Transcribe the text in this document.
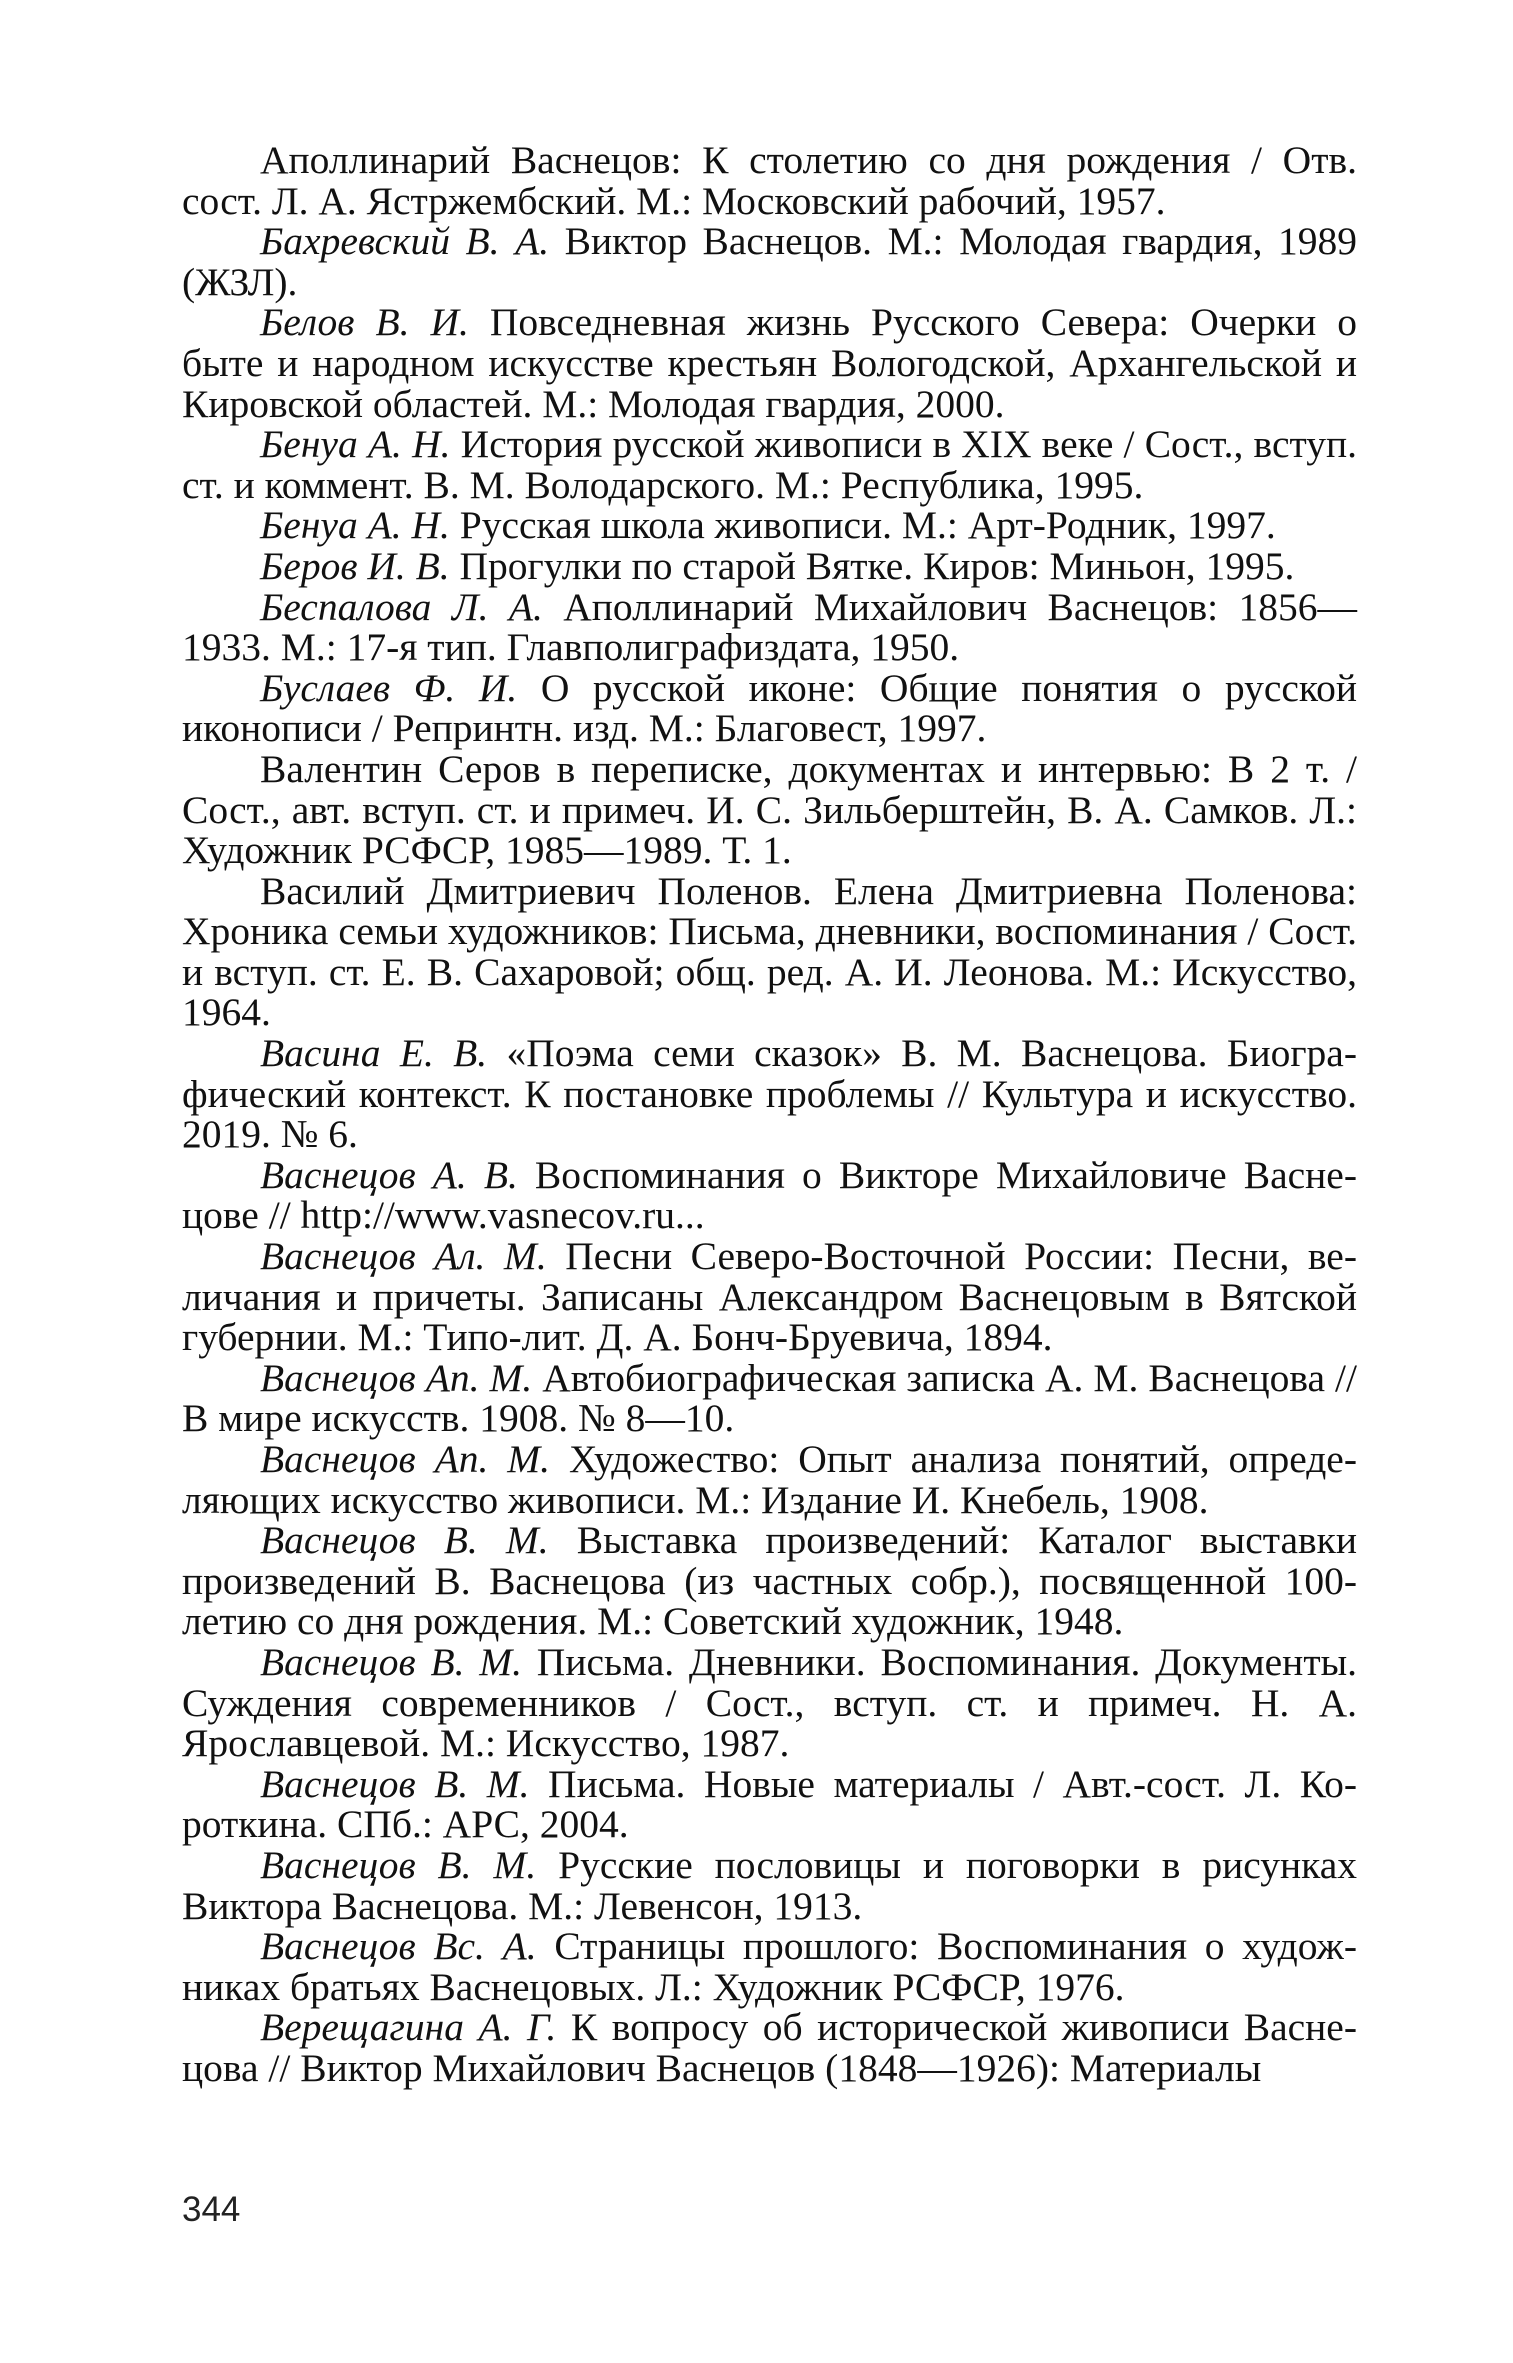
Аполлинарий Васнецов: К столетию со дня рождения / Отв. сост. Л. А. Ястржембский. М.: Московский рабочий, 1957.

Бахревский В. А. Виктор Васнецов. М.: Молодая гвардия, 1989 (ЖЗЛ).

Белов В. И. Повседневная жизнь Русского Севера: Очерки о быте и народном искусстве крестьян Вологодской, Архангельской и Кировской областей. М.: Молодая гвардия, 2000.

Бенуа А. Н. История русской живописи в XIX веке / Сост., вступ. ст. и коммент. В. М. Володарского. М.: Республика, 1995.

Бенуа А. Н. Русская школа живописи. М.: Арт-Родник, 1997.

Беров И. В. Прогулки по старой Вятке. Киров: Миньон, 1995.

Беспалова Л. А. Аполлинарий Михайлович Васнецов: 1856—1933. М.: 17-я тип. Главполиграфиздата, 1950.

Буслаев Ф. И. О русской иконе: Общие понятия о русской иконописи / Репринтн. изд. М.: Благовест, 1997.

Валентин Серов в переписке, документах и интервью: В 2 т. / Сост., авт. вступ. ст. и примеч. И. С. Зильберштейн, В. А. Самков. Л.: Художник РСФСР, 1985—1989. Т. 1.

Василий Дмитриевич Поленов. Елена Дмитриевна Поленова: Хроника семьи художников: Письма, дневники, воспоминания / Сост. и вступ. ст. Е. В. Сахаровой; общ. ред. А. И. Леонова. М.: Искусство, 1964.

Васина Е. В. «Поэма семи сказок» В. М. Васнецова. Биографический контекст. К постановке проблемы // Культура и искусство. 2019. № 6.

Васнецов А. В. Воспоминания о Викторе Михайловиче Васнецове // http://www.vasnecov.ru...

Васнецов Ал. М. Песни Северо-Восточной России: Песни, величания и причеты. Записаны Александром Васнецовым в Вятской губернии. М.: Типо-лит. Д. А. Бонч-Бруевича, 1894.

Васнецов Ап. М. Автобиографическая записка А. М. Васнецова // В мире искусств. 1908. № 8—10.

Васнецов Ап. М. Художество: Опыт анализа понятий, определяющих искусство живописи. М.: Издание И. Кнебель, 1908.

Васнецов В. М. Выставка произведений: Каталог выставки произведений В. Васнецова (из частных собр.), посвященной 100-летию со дня рождения. М.: Советский художник, 1948.

Васнецов В. М. Письма. Дневники. Воспоминания. Документы. Суждения современников / Сост., вступ. ст. и примеч. Н. А. Ярославцевой. М.: Искусство, 1987.

Васнецов В. М. Письма. Новые материалы / Авт.-сост. Л. Короткина. СПб.: АРС, 2004.

Васнецов В. М. Русские пословицы и поговорки в рисунках Виктора Васнецова. М.: Левенсон, 1913.

Васнецов Вс. А. Страницы прошлого: Воспоминания о художниках братьях Васнецовых. Л.: Художник РСФСР, 1976.

Верещагина А. Г. К вопросу об исторической живописи Васнецова // Виктор Михайлович Васнецов (1848—1926): Материалы

344
